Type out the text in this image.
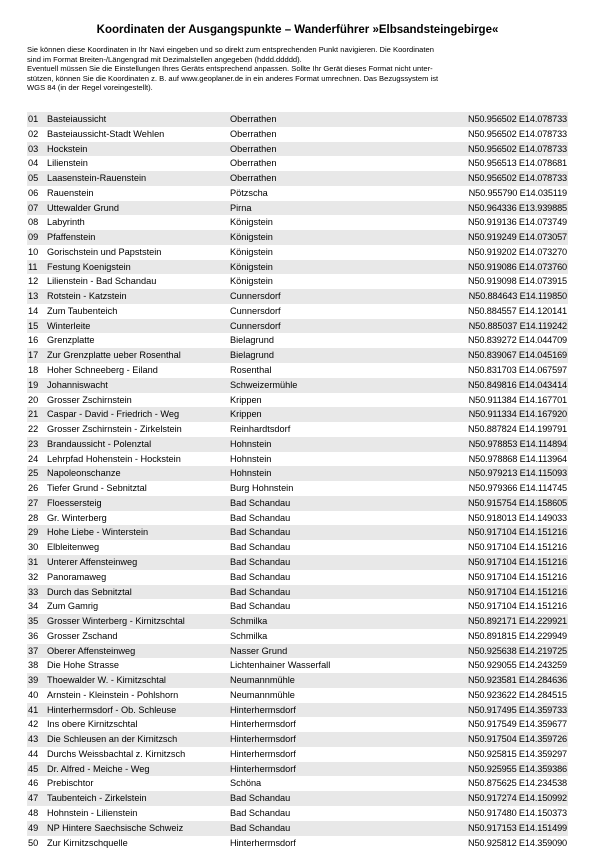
Koordinaten der Ausgangspunkte – Wanderführer »Elbsandsteingebirge«
Sie können diese Koordinaten in Ihr Navi eingeben und so direkt zum entsprechenden Punkt navigieren. Die Koordinaten
sind im Format Breiten-/Längengrad mit Dezimalstellen angegeben (hddd.ddddd).
Eventuell müssen Sie die Einstellungen Ihres Geräts entsprechend anpassen. Sollte Ihr Gerät dieses Format nicht unter-
stützen, können Sie die Koordinaten z. B. auf www.geoplaner.de in ein anderes Format umrechnen. Das Bezugssystem ist
WGS 84 (in der Regel voreingestellt).
01 Basteiaussicht	Oberrathen	N50.956502 E14.078733
02 Basteiaussicht-Stadt Wehlen	Oberrathen	N50.956502 E14.078733
03 Hockstein	Oberrathen	N50.956502 E14.078733
04 Lilienstein	Oberrathen	N50.956513 E14.078681
05 Laasenstein-Rauenstein	Oberrathen	N50.956502 E14.078733
06 Rauenstein	Pötzscha	N50.955790 E14.035119
07 Uttewalder Grund	Pirna	N50.964336 E13.939885
08 Labyrinth	Königstein	N50.919136 E14.073749
09 Pfaffenstein	Königstein	N50.919249 E14.073057
10 Gorischstein und Papststein	Königstein	N50.919202 E14.073270
11 Festung Koenigstein	Königstein	N50.919086 E14.073760
12 Lilienstein - Bad Schandau	Königstein	N50.919098 E14.073915
13 Rotstein - Katzstein	Cunnersdorf	N50.884643 E14.119850
14 Zum Taubenteich	Cunnersdorf	N50.884557 E14.120141
15 Winterleite	Cunnersdorf	N50.885037 E14.119242
16 Grenzplatte	Bielagrund	N50.839272 E14.044709
17 Zur Grenzplatte ueber Rosenthal	Bielagrund	N50.839067 E14.045169
18 Hoher Schneeberg - Eiland	Rosenthal	N50.831703 E14.067597
19 Johanniswacht	Schweizermühle	N50.849816 E14.043414
20 Grosser Zschirnstein	Krippen	N50.911384 E14.167701
21 Caspar - David - Friedrich - Weg	Krippen	N50.911334 E14.167920
22 Grosser Zschirnstein - Zirkelstein	Reinhardtsdorf	N50.887824 E14.199791
23 Brandaussicht - Polenztal	Hohnstein	N50.978853 E14.114894
24 Lehrpfad Hohenstein - Hockstein	Hohnstein	N50.978868 E14.113964
25 Napoleonschanze	Hohnstein	N50.979213 E14.115093
26 Tiefer Grund - Sebnitztal	Burg Hohnstein	N50.979366 E14.114745
27 Floessersteig	Bad Schandau	N50.915754 E14.158605
28 Gr. Winterberg	Bad Schandau	N50.918013 E14.149033
29 Hohe Liebe - Winterstein	Bad Schandau	N50.917104 E14.151216
30 Elbleitenweg	Bad Schandau	N50.917104 E14.151216
31 Unterer Affensteinweg	Bad Schandau	N50.917104 E14.151216
32 Panoramaweg	Bad Schandau	N50.917104 E14.151216
33 Durch das Sebnitztal	Bad Schandau	N50.917104 E14.151216
34 Zum Gamrig	Bad Schandau	N50.917104 E14.151216
35 Grosser Winterberg - Kirnitzschtal	Schmilka	N50.892171 E14.229921
36 Grosser Zschand	Schmilka	N50.891815 E14.229949
37 Oberer Affensteinweg	Nasser Grund	N50.925638 E14.219725
38 Die Hohe Strasse	Lichtenhainer Wasserfall	N50.929055 E14.243259
39 Thoewalder W. - Kirnitzschtal	Neumannmühle	N50.923581 E14.284636
40 Arnstein - Kleinstein - Pohlshorn	Neumannmühle	N50.923622 E14.284515
41 Hinterhermsdorf - Ob. Schleuse	Hinterhermsdorf	N50.917495 E14.359733
42 Ins obere Kirnitzschtal	Hinterhermsdorf	N50.917549 E14.359677
43 Die Schleusen an der Kirnitzsch	Hinterhermsdorf	N50.917504 E14.359726
44 Durchs Weissbachtal z. Kirnitzsch	Hinterhermsdorf	N50.925815 E14.359297
45 Dr. Alfred - Meiche - Weg	Hinterhermsdorf	N50.925955 E14.359386
46 Prebischtor	Schöna	N50.875625 E14.234538
47 Taubenteich - Zirkelstein	Bad Schandau	N50.917274 E14.150992
48 Hohnstein - Lilienstein	Bad Schandau	N50.917480 E14.150373
49 NP Hintere Saechsische Schweiz	Bad Schandau	N50.917153 E14.151499
50 Zur Kirnitzschquelle	Hinterhermsdorf	N50.925812 E14.359090
